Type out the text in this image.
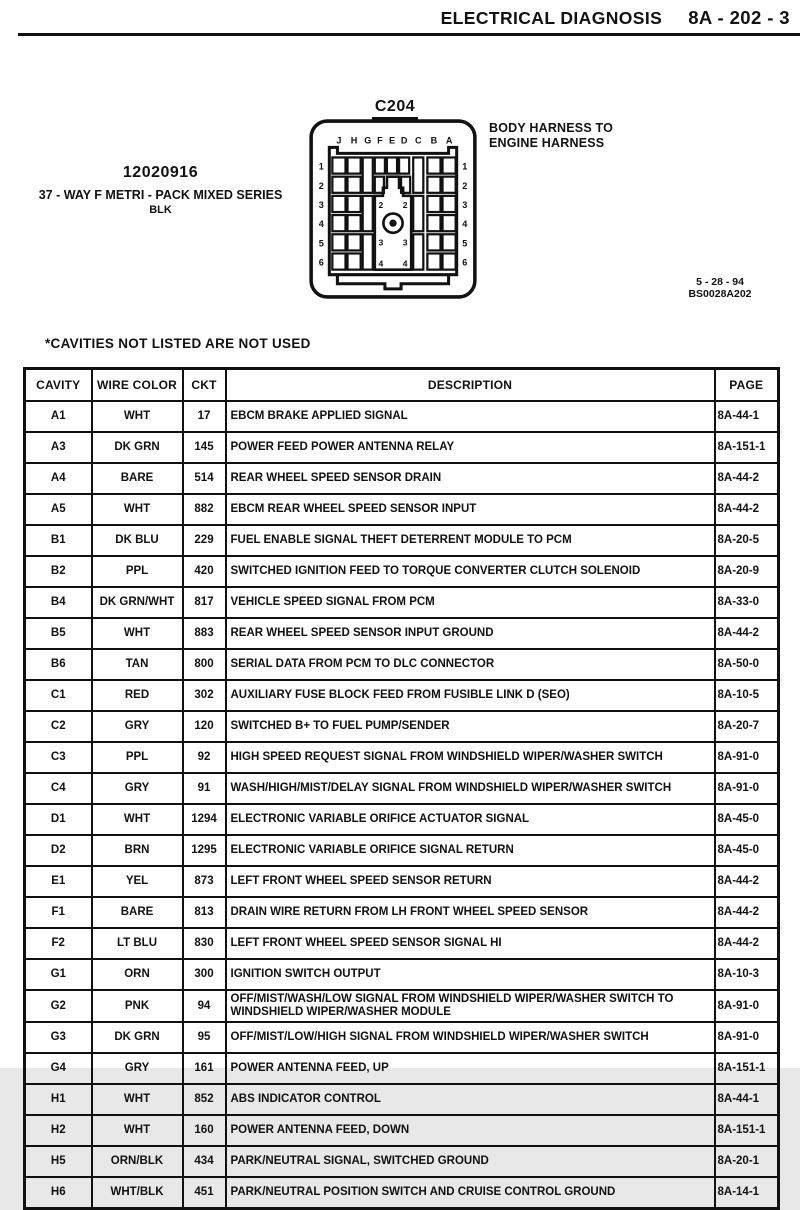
ELECTRICAL DIAGNOSIS 8A - 202 - 3
C204
J H G F E D C B A
1
2
3
4
5
6
1
2
3
4
5
6
2 2
3 3
4 4
BODY HARNESS TO
ENGINE HARNESS
12020916
37 - WAY F METRI - PACK MIXED SERIES
BLK
5 - 28 - 94
BS0028A202
*CAVITIES NOT LISTED ARE NOT USED
CAVITY	WIRE COLOR	CKT	DESCRIPTION	PAGE
A1	WHT	17	EBCM BRAKE APPLIED SIGNAL	8A-44-1
A3	DK GRN	145	POWER FEED POWER ANTENNA RELAY	8A-151-1
A4	BARE	514	REAR WHEEL SPEED SENSOR DRAIN	8A-44-2
A5	WHT	882	EBCM REAR WHEEL SPEED SENSOR INPUT	8A-44-2
B1	DK BLU	229	FUEL ENABLE SIGNAL THEFT DETERRENT MODULE TO PCM	8A-20-5
B2	PPL	420	SWITCHED IGNITION FEED TO TORQUE CONVERTER CLUTCH SOLENOID	8A-20-9
B4	DK GRN/WHT	817	VEHICLE SPEED SIGNAL FROM PCM	8A-33-0
B5	WHT	883	REAR WHEEL SPEED SENSOR INPUT GROUND	8A-44-2
B6	TAN	800	SERIAL DATA FROM PCM TO DLC CONNECTOR	8A-50-0
C1	RED	302	AUXILIARY FUSE BLOCK FEED FROM FUSIBLE LINK D (SEO)	8A-10-5
C2	GRY	120	SWITCHED B+ TO FUEL PUMP/SENDER	8A-20-7
C3	PPL	92	HIGH SPEED REQUEST SIGNAL FROM WINDSHIELD WIPER/WASHER SWITCH	8A-91-0
C4	GRY	91	WASH/HIGH/MIST/DELAY SIGNAL FROM WINDSHIELD WIPER/WASHER SWITCH	8A-91-0
D1	WHT	1294	ELECTRONIC VARIABLE ORIFICE ACTUATOR SIGNAL	8A-45-0
D2	BRN	1295	ELECTRONIC VARIABLE ORIFICE SIGNAL RETURN	8A-45-0
E1	YEL	873	LEFT FRONT WHEEL SPEED SENSOR RETURN	8A-44-2
F1	BARE	813	DRAIN WIRE RETURN FROM LH FRONT WHEEL SPEED SENSOR	8A-44-2
F2	LT BLU	830	LEFT FRONT WHEEL SPEED SENSOR SIGNAL HI	8A-44-2
G1	ORN	300	IGNITION SWITCH OUTPUT	8A-10-3
G2	PNK	94	OFF/MIST/WASH/LOW SIGNAL FROM WINDSHIELD WIPER/WASHER SWITCH TO WINDSHIELD WIPER/WASHER MODULE	8A-91-0
G3	DK GRN	95	OFF/MIST/LOW/HIGH SIGNAL FROM WINDSHIELD WIPER/WASHER SWITCH	8A-91-0
G4	GRY	161	POWER ANTENNA FEED, UP	8A-151-1
H1	WHT	852	ABS INDICATOR CONTROL	8A-44-1
H2	WHT	160	POWER ANTENNA FEED, DOWN	8A-151-1
H5	ORN/BLK	434	PARK/NEUTRAL SIGNAL, SWITCHED GROUND	8A-20-1
H6	WHT/BLK	451	PARK/NEUTRAL POSITION SWITCH AND CRUISE CONTROL GROUND	8A-14-1
